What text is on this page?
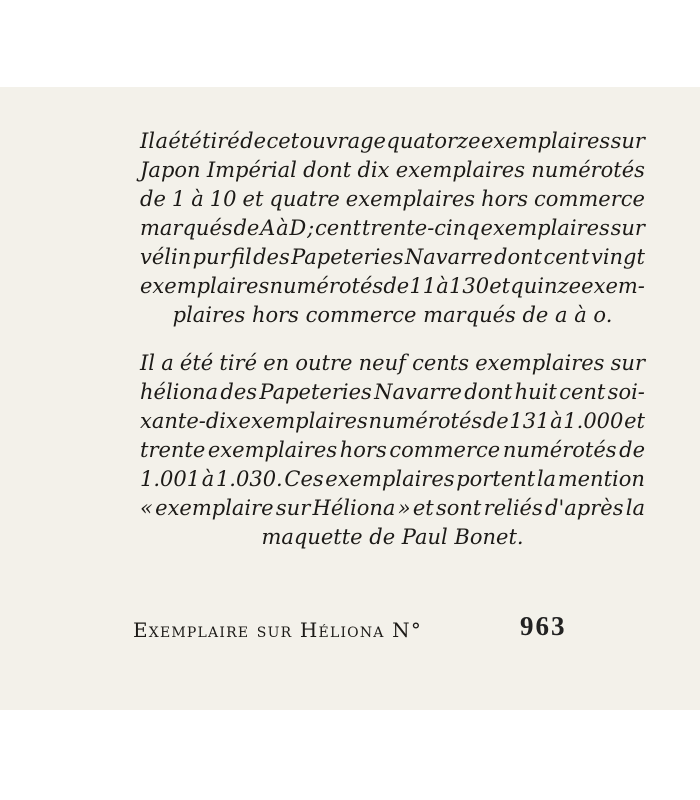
Il a été tiré de cet ouvrage quatorze exemplaires sur
Japon Impérial dont dix exemplaires numérotés
de 1 à 10 et quatre exemplaires hors commerce
marqués de A à D ; cent trente-cinq exemplaires sur
vélin pur fil des Papeteries Navarre dont cent vingt
exemplaires numérotés de 11 à 130 et quinze exem-
plaires hors commerce marqués de a à o.
Il a été tiré en outre neuf cents exemplaires sur
héliona des Papeteries Navarre dont huit cent soi-
xante-dix exemplaires numérotés de 131 à 1.000 et
trente exemplaires hors commerce numérotés de
1.001 à 1.030. Ces exemplaires portent la mention
« exemplaire sur Héliona » et sont reliés d'après la
maquette de Paul Bonet.
Exemplaire sur Héliona N°	963
